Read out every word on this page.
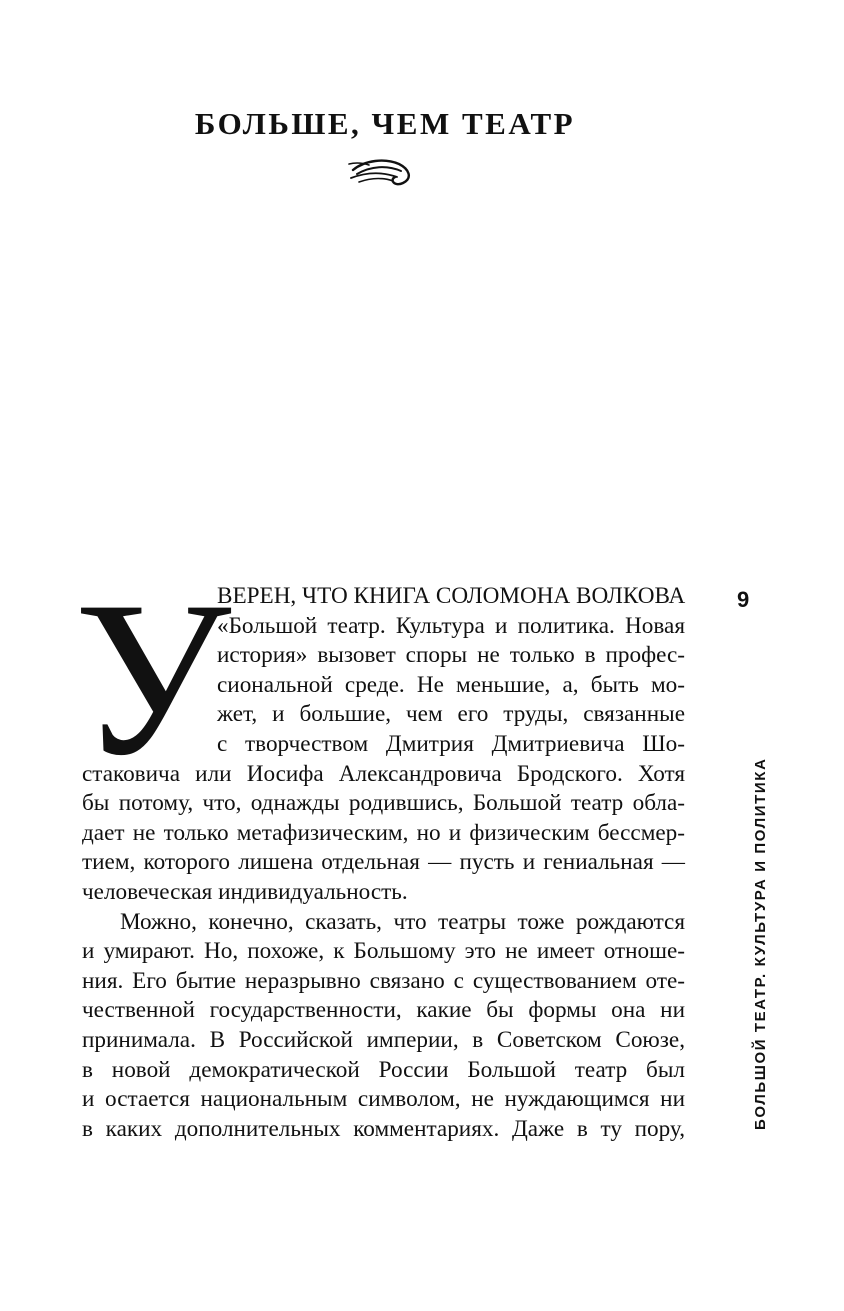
БОЛЬШЕ, ЧЕМ ТЕАТР
У	9
БОЛЬШОЙ ТЕАТР. КУЛЬТУРА И ПОЛИТИКА
ВЕРЕН, ЧТО КНИГА СОЛОМОНА ВОЛКОВА
«Большой театр. Культура и политика. Новая
история» вызовет споры не только в профес-
сиональной среде. Не меньшие, а, быть мо-
жет, и большие, чем его труды, связанные
с творчеством Дмитрия Дмитриевича Шо-
стаковича или Иосифа Александровича Бродского. Хотя
бы потому, что, однажды родившись, Большой театр обла-
дает не только метафизическим, но и физическим бессмер-
тием, которого лишена отдельная — пусть и гениальная —
человеческая индивидуальность.
Можно, конечно, сказать, что театры тоже рождаются
и умирают. Но, похоже, к Большому это не имеет отноше-
ния. Его бытие неразрывно связано с существованием оте-
чественной государственности, какие бы формы она ни
принимала. В Российской империи, в Советском Союзе,
в новой демократической России Большой театр был
и остается национальным символом, не нуждающимся ни
в каких дополнительных комментариях. Даже в ту пору,
